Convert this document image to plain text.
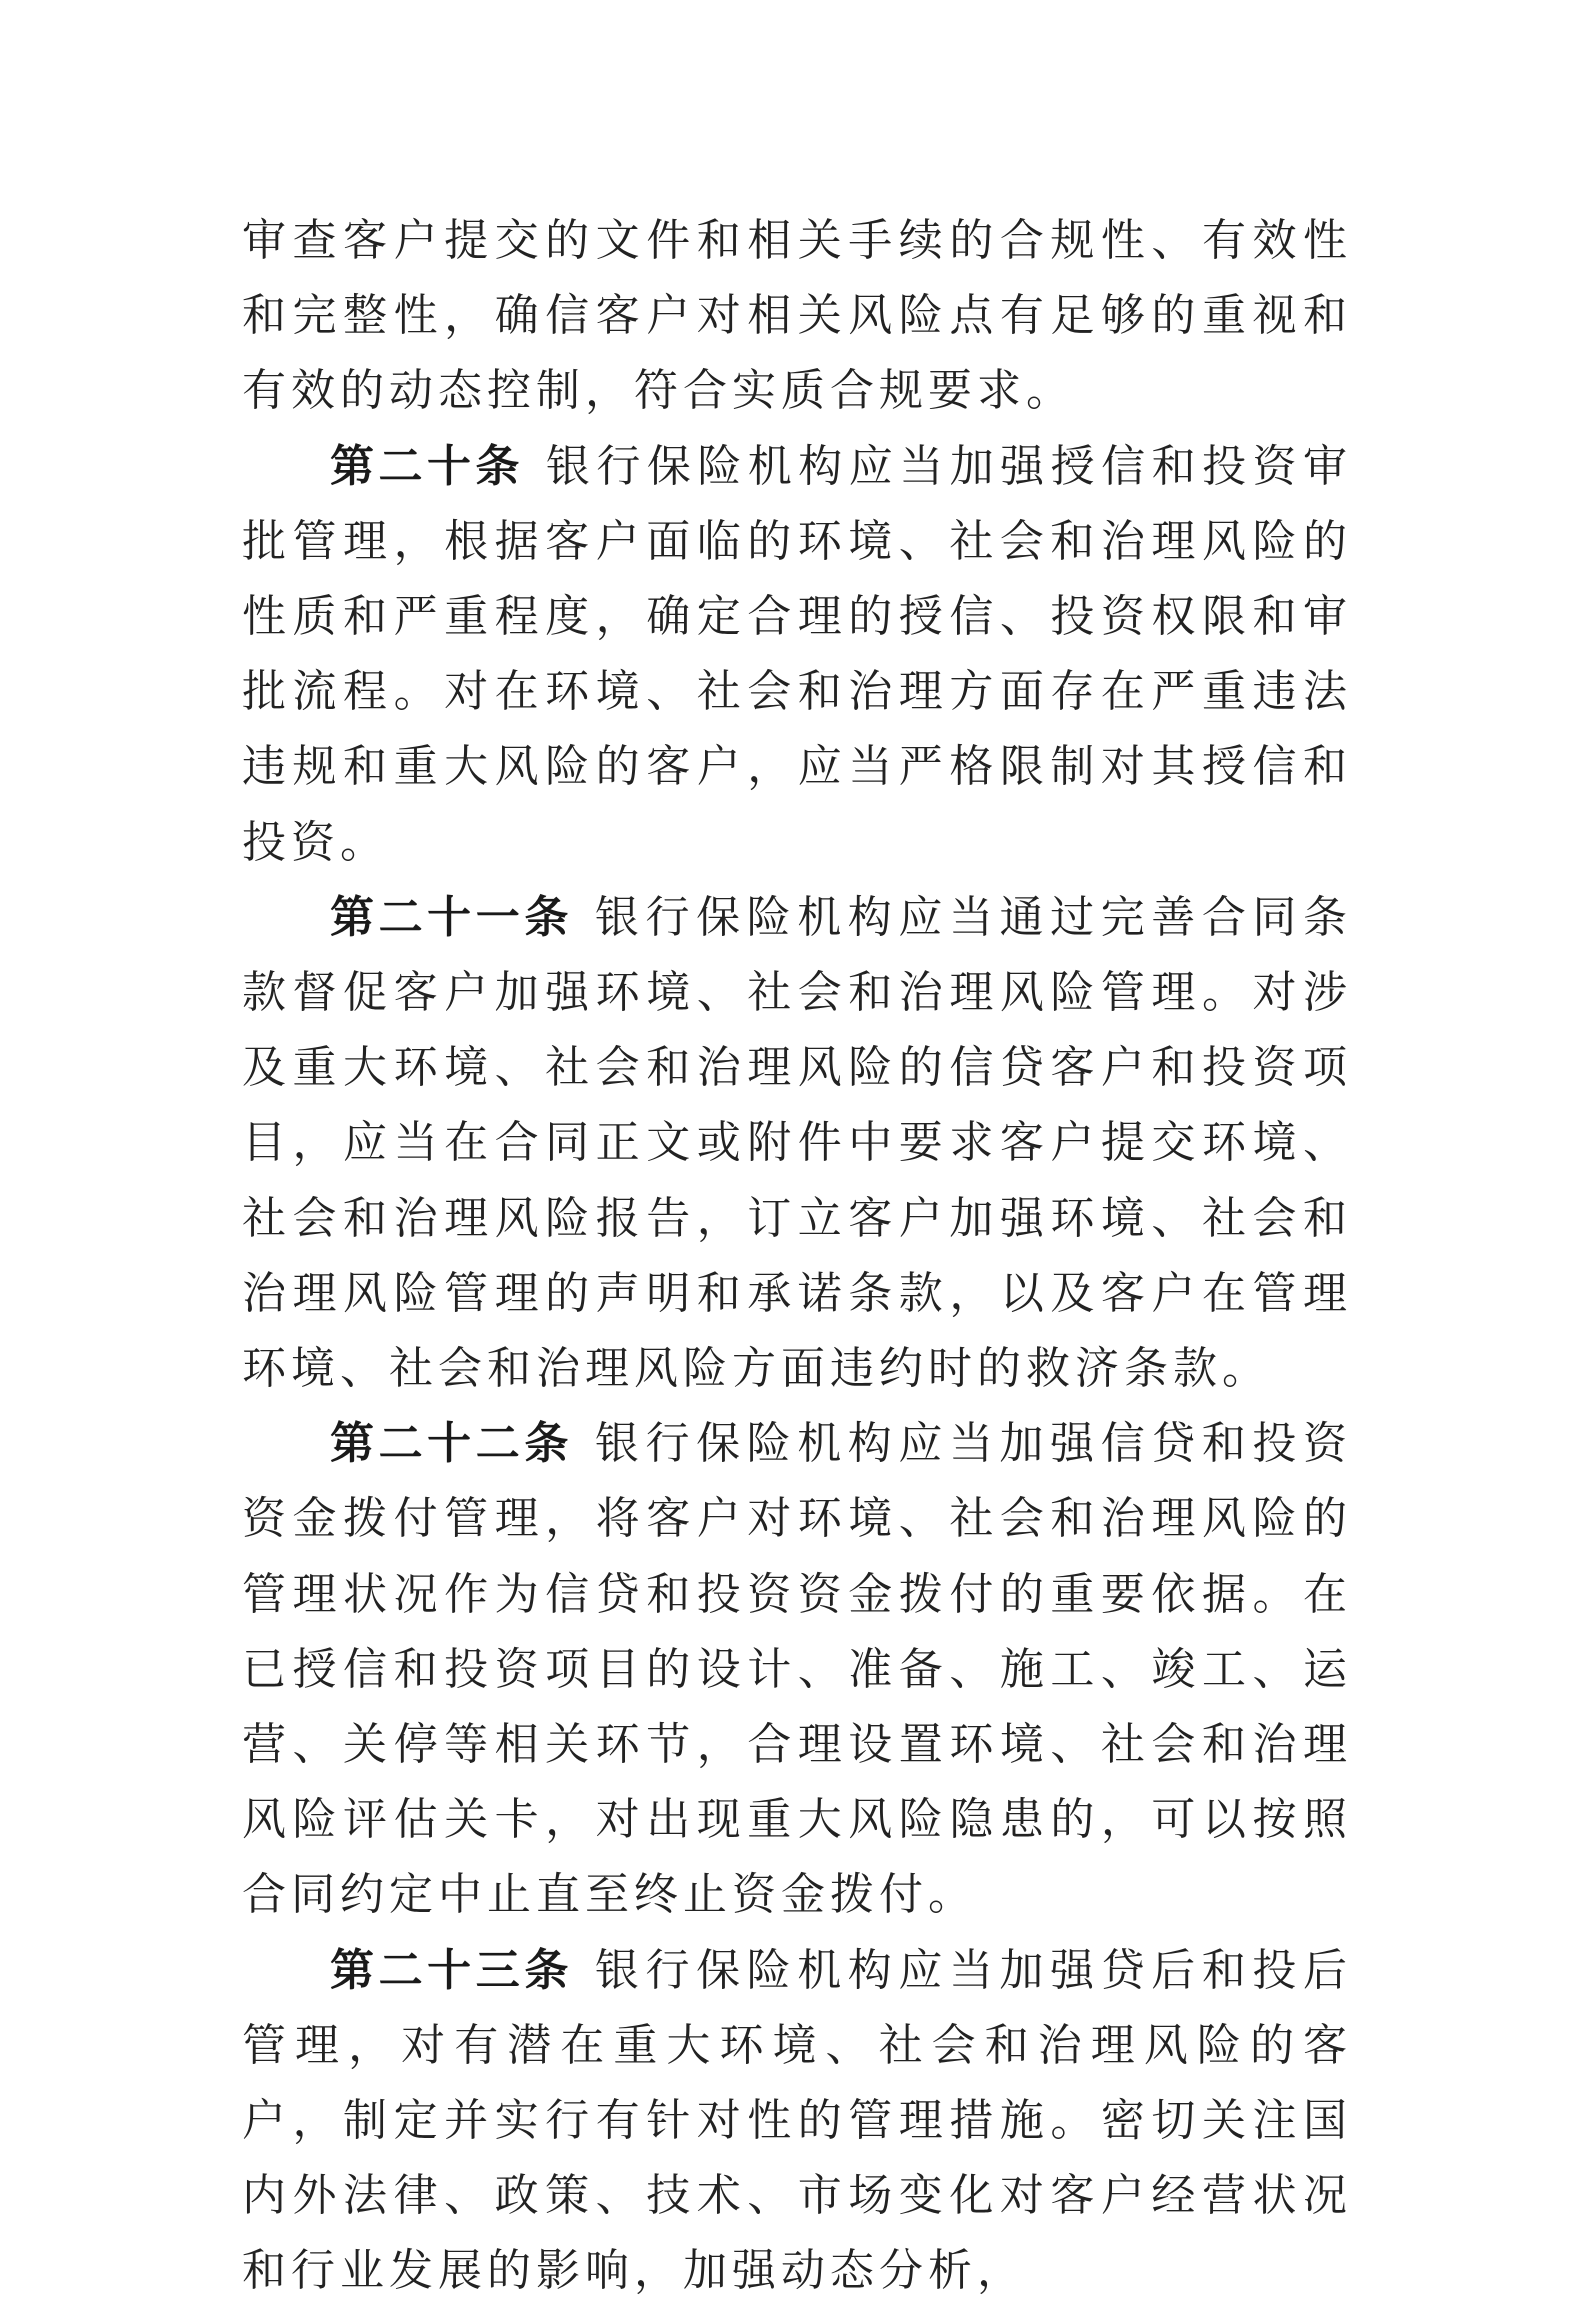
审查客户提交的文件和相关手续的合规性、有效性和完整性，确信客户对相关风险点有足够的重视和有效的动态控制，符合实质合规要求。

第二十条 银行保险机构应当加强授信和投资审批管理，根据客户面临的环境、社会和治理风险的性质和严重程度，确定合理的授信、投资权限和审批流程。对在环境、社会和治理方面存在严重违法违规和重大风险的客户，应当严格限制对其授信和投资。

第二十一条 银行保险机构应当通过完善合同条款督促客户加强环境、社会和治理风险管理。对涉及重大环境、社会和治理风险的信贷客户和投资项目，应当在合同正文或附件中要求客户提交环境、社会和治理风险报告，订立客户加强环境、社会和治理风险管理的声明和承诺条款，以及客户在管理环境、社会和治理风险方面违约时的救济条款。

第二十二条 银行保险机构应当加强信贷和投资资金拨付管理，将客户对环境、社会和治理风险的管理状况作为信贷和投资资金拨付的重要依据。在已授信和投资项目的设计、准备、施工、竣工、运营、关停等相关环节，合理设置环境、社会和治理风险评估关卡，对出现重大风险隐患的，可以按照合同约定中止直至终止资金拨付。

第二十三条 银行保险机构应当加强贷后和投后管理，对有潜在重大环境、社会和治理风险的客户，制定并实行有针对性的管理措施。密切关注国内外法律、政策、技术、市场变化对客户经营状况和行业发展的影响，加强动态分析，
